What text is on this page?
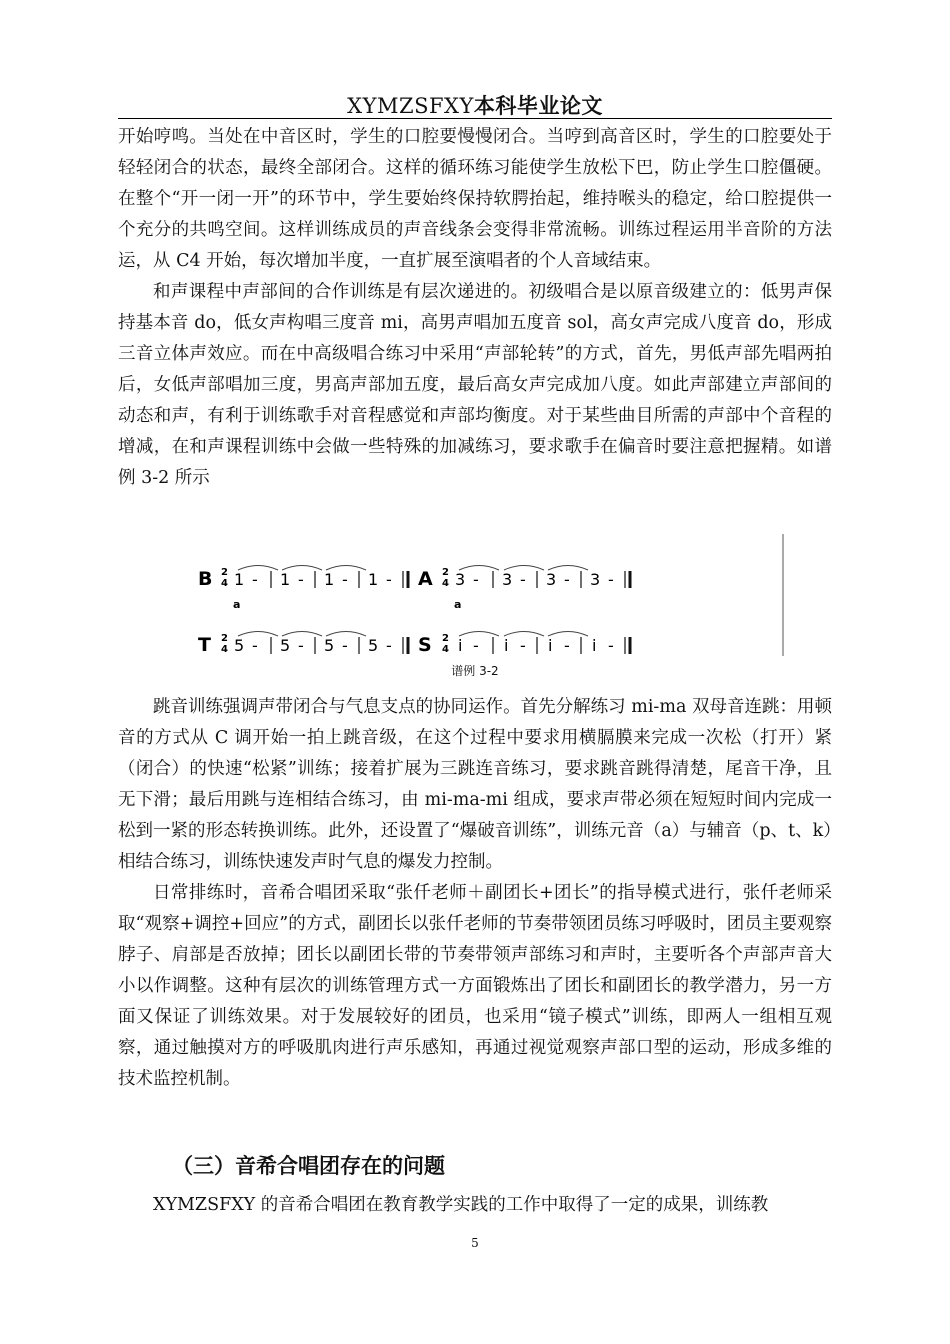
XYMZSFXY本科毕业论文

开始哼鸣。当处在中音区时，学生的口腔要慢慢闭合。当哼到高音区时，学生的口腔要处于轻轻闭合的状态，最终全部闭合。这样的循环练习能使学生放松下巴，防止学生口腔僵硬。在整个“开一闭一开”的环节中，学生要始终保持软腭抬起，维持喉头的稳定，给口腔提供一个充分的共鸣空间。这样训练成员的声音线条会变得非常流畅。训练过程运用半音阶的方法运，从 C4 开始，每次增加半度，一直扩展至演唱者的个人音域结束。

和声课程中声部间的合作训练是有层次递进的。初级唱合是以原音级建立的：低男声保持基本音 do，低女声构唱三度音 mi，高男声唱加五度音 sol，高女声完成八度音 do，形成三音立体声效应。而在中高级唱合练习中采用“声部轮转”的方式，首先，男低声部先唱两拍后，女低声部唱加三度，男高声部加五度，最后高女声完成加八度。如此声部建立声部间的动态和声，有利于训练歌手对音程感觉和声部均衡度。对于某些曲目所需的声部中个音程的增减，在和声课程训练中会做一些特殊的加减练习，要求歌手在偏音时要注意把握精。如谱例 3-2 所示

B 2
4 1 - 1 - 1 - 1 -
a
A 2
4 3 - 3 - 3 - 3 -
a
T 2
4 5 - 5 - 5 - 5 - S 2
4 i - i - i - i -
谱例 3-2

跳音训练强调声带闭合与气息支点的协同运作。首先分解练习 mi-ma 双母音连跳：用顿音的方式从 C 调开始一拍上跳音级，在这个过程中要求用横膈膜来完成一次松（打开）紧（闭合）的快速“松紧”训练；接着扩展为三跳连音练习，要求跳音跳得清楚，尾音干净，且无下滑；最后用跳与连相结合练习，由 mi-ma-mi 组成，要求声带必须在短短时间内完成一松到一紧的形态转换训练。此外，还设置了“爆破音训练”，训练元音（a）与辅音（p、t、k）相结合练习，训练快速发声时气息的爆发力控制。

日常排练时，音希合唱团采取“张仟老师＋副团长+团长”的指导模式进行，张仟老师采取“观察+调控+回应”的方式，副团长以张仟老师的节奏带领团员练习呼吸时，团员主要观察脖子、肩部是否放掉；团长以副团长带的节奏带领声部练习和声时，主要听各个声部声音大小以作调整。这种有层次的训练管理方式一方面锻炼出了团长和副团长的教学潜力，另一方面又保证了训练效果。对于发展较好的团员，也采用“镜子模式”训练，即两人一组相互观察，通过触摸对方的呼吸肌肉进行声乐感知，再通过视觉观察声部口型的运动，形成多维的技术监控机制。

（三）音希合唱团存在的问题

XYMZSFXY 的音希合唱团在教育教学实践的工作中取得了一定的成果，训练教

5
